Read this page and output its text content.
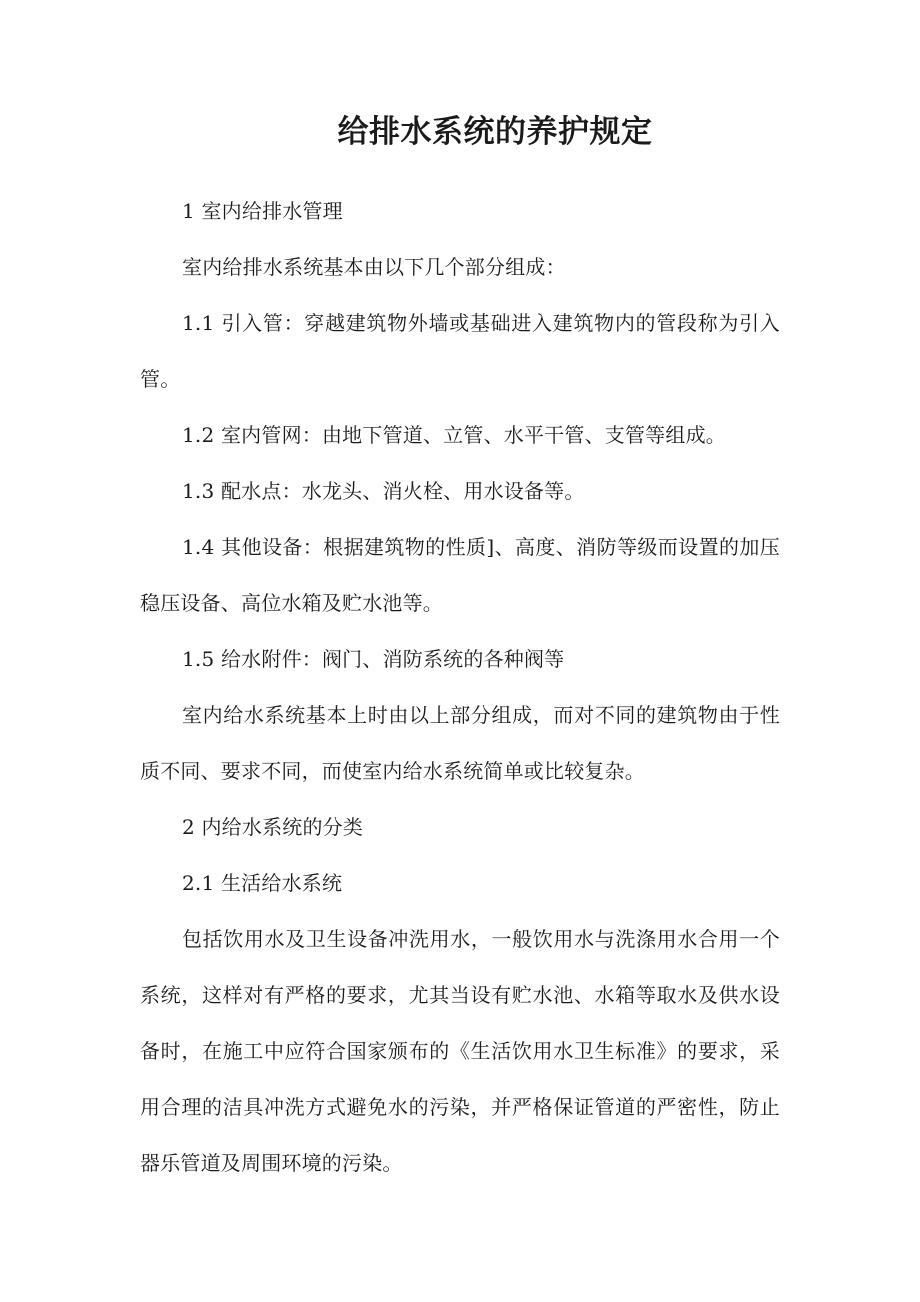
给排水系统的养护规定

1 室内给排水管理

室内给排水系统基本由以下几个部分组成：

1.1 引入管：穿越建筑物外墙或基础进入建筑物内的管段称为引入管。

1.2 室内管网：由地下管道、立管、水平干管、支管等组成。

1.3 配水点：水龙头、消火栓、用水设备等。

1.4 其他设备：根据建筑物的性质]、高度、消防等级而设置的加压稳压设备、高位水箱及贮水池等。

1.5 给水附件：阀门、消防系统的各种阀等

室内给水系统基本上时由以上部分组成，而对不同的建筑物由于性质不同、要求不同，而使室内给水系统简单或比较复杂。

2 内给水系统的分类

2.1 生活给水系统

包括饮用水及卫生设备冲洗用水，一般饮用水与洗涤用水合用一个系统，这样对有严格的要求，尤其当设有贮水池、水箱等取水及供水设备时，在施工中应符合国家颁布的《生活饮用水卫生标准》的要求，采用合理的洁具冲洗方式避免水的污染，并严格保证管道的严密性，防止器乐管道及周围环境的污染。
